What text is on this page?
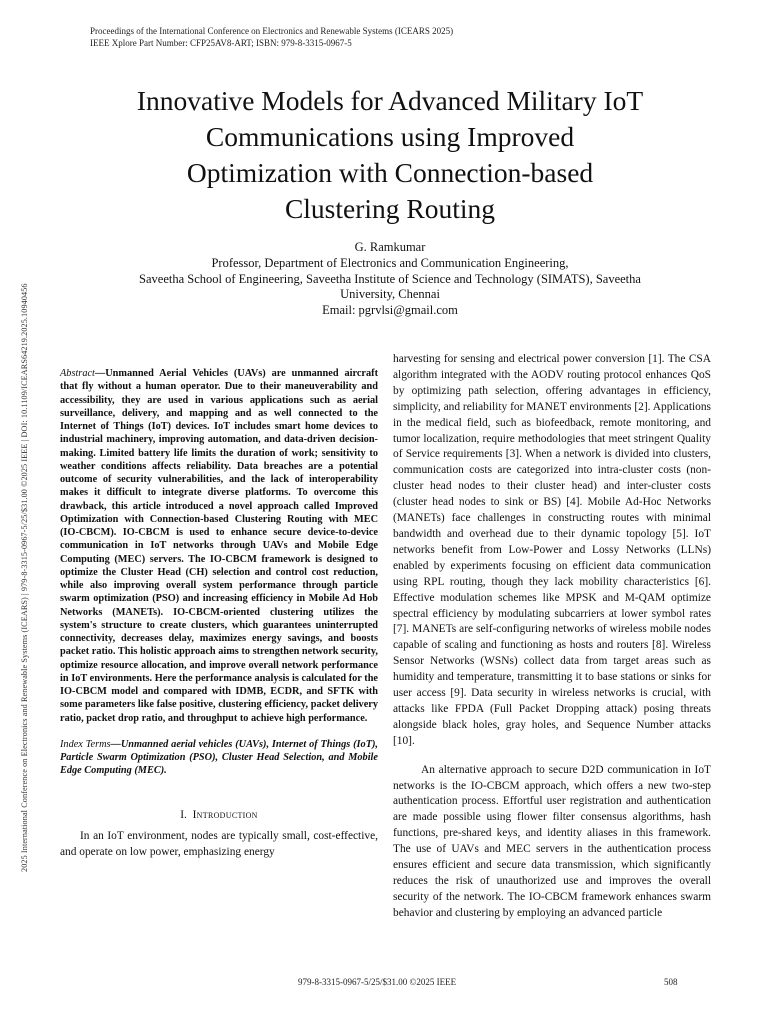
Proceedings of the International Conference on Electronics and Renewable Systems (ICEARS 2025)
IEEE Xplore Part Number: CFP25AV8-ART; ISBN: 979-8-3315-0967-5
2025 International Conference on Electronics and Renewable Systems (ICEARS) | 979-8-3315-0967-5/25/$31.00 ©2025 IEEE | DOI: 10.1109/ICEARS64219.2025.10940456
Innovative Models for Advanced Military IoT
Communications using Improved
Optimization with Connection-based
Clustering Routing
G. Ramkumar
Professor, Department of Electronics and Communication Engineering,
Saveetha School of Engineering, Saveetha Institute of Science and Technology (SIMATS), Saveetha
University, Chennai
Email: pgrvlsi@gmail.com

Abstract—Unmanned Aerial Vehicles (UAVs) are unmanned aircraft that fly without a human operator. Due to their maneuverability and accessibility, they are used in various applications such as aerial surveillance, delivery, and mapping and as well connected to the Internet of Things (IoT) devices. IoT includes smart home devices to industrial machinery, improving automation, and data-driven decision-making. Limited battery life limits the duration of work; sensitivity to weather conditions affects reliability. Data breaches are a potential outcome of security vulnerabilities, and the lack of interoperability makes it difficult to integrate diverse platforms. To overcome this drawback, this article introduced a novel approach called Improved Optimization with Connection-based Clustering Routing with MEC (IO-CBCM). IO-CBCM is used to enhance secure device-to-device communication in IoT networks through UAVs and Mobile Edge Computing (MEC) servers. The IO-CBCM framework is designed to optimize the Cluster Head (CH) selection and control cost reduction, while also improving overall system performance through particle swarm optimization (PSO) and increasing efficiency in Mobile Ad Hob Networks (MANETs). IO-CBCM-oriented clustering utilizes the system's structure to create clusters, which guarantees uninterrupted connectivity, decreases delay, maximizes energy savings, and boosts packet ratio. This holistic approach aims to strengthen network security, optimize resource allocation, and improve overall network performance in IoT environments. Here the performance analysis is calculated for the IO-CBCM model and compared with IDMB, ECDR, and SFTK with some parameters like false positive, clustering efficiency, packet delivery ratio, packet drop ratio, and throughput to achieve high performance.

Index Terms—Unmanned aerial vehicles (UAVs), Internet of Things (IoT), Particle Swarm Optimization (PSO), Cluster Head Selection, and Mobile Edge Computing (MEC).

I. Introduction

In an IoT environment, nodes are typically small, cost-effective, and operate on low power, emphasizing energy

harvesting for sensing and electrical power conversion [1]. The CSA algorithm integrated with the AODV routing protocol enhances QoS by optimizing path selection, offering advantages in efficiency, simplicity, and reliability for MANET environments [2]. Applications in the medical field, such as biofeedback, remote monitoring, and tumor localization, require methodologies that meet stringent Quality of Service requirements [3]. When a network is divided into clusters, communication costs are categorized into intra-cluster costs (non-cluster head nodes to their cluster head) and inter-cluster costs (cluster head nodes to sink or BS) [4]. Mobile Ad-Hoc Networks (MANETs) face challenges in constructing routes with minimal bandwidth and overhead due to their dynamic topology [5]. IoT networks benefit from Low-Power and Lossy Networks (LLNs) enabled by experiments focusing on efficient data communication using RPL routing, though they lack mobility characteristics [6]. Effective modulation schemes like MPSK and M-QAM optimize spectral efficiency by modulating subcarriers at lower symbol rates [7]. MANETs are self-configuring networks of wireless mobile nodes capable of scaling and functioning as hosts and routers [8]. Wireless Sensor Networks (WSNs) collect data from target areas such as humidity and temperature, transmitting it to base stations or sinks for user access [9]. Data security in wireless networks is crucial, with attacks like FPDA (Full Packet Dropping attack) posing threats alongside black holes, gray holes, and Sequence Number attacks [10].

An alternative approach to secure D2D communication in IoT networks is the IO-CBCM approach, which offers a new two-step authentication process. Effortful user registration and authentication are made possible using flower filter consensus algorithms, hash functions, pre-shared keys, and identity aliases in this framework. The use of UAVs and MEC servers in the authentication process ensures efficient and secure data transmission, which significantly reduces the risk of unauthorized use and improves the overall security of the network. The IO-CBCM framework enhances swarm behavior and clustering by employing an advanced particle

979-8-3315-0967-5/25/$31.00 ©2025 IEEE	508
